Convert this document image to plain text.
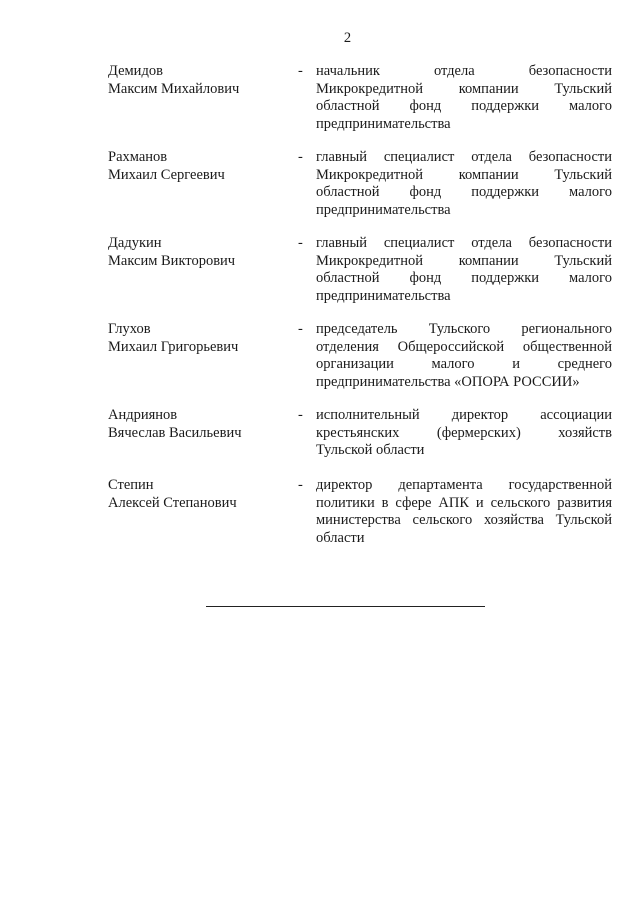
2
Демидов
Максим Михайлович
- начальник отдела безопасности
Микрокредитной компании Тульский
областной фонд поддержки малого
предпринимательства
Рахманов
Михаил Сергеевич
- главный специалист отдела безопасности
Микрокредитной компании Тульский
областной фонд поддержки малого
предпринимательства
Дадукин
Максим Викторович
- главный специалист отдела безопасности
Микрокредитной компании Тульский
областной фонд поддержки малого
предпринимательства
Глухов
Михаил Григорьевич
- председатель Тульского регионального
отделения Общероссийской общественной
организации малого и среднего
предпринимательства «ОПОРА РОССИИ»
Андриянов
Вячеслав Васильевич
- исполнительный директор ассоциации
крестьянских (фермерских) хозяйств
Тульской области
Степин
Алексей Степанович
- директор департамента государственной
политики в сфере АПК и сельского развития
министерства сельского хозяйства Тульской
области
